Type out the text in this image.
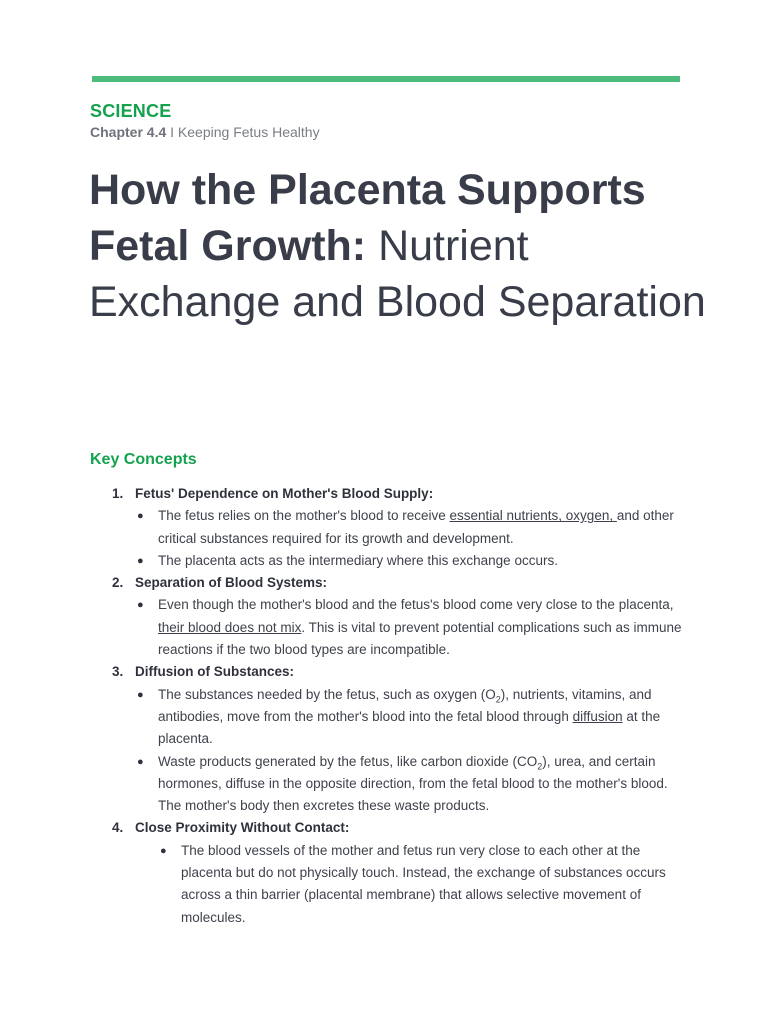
SCIENCE
Chapter 4.4 I Keeping Fetus Healthy
How the Placenta Supports Fetal Growth: Nutrient Exchange and Blood Separation
Key Concepts
1. Fetus' Dependence on Mother's Blood Supply:
● The fetus relies on the mother's blood to receive essential nutrients, oxygen, and other critical substances required for its growth and development.
● The placenta acts as the intermediary where this exchange occurs.
2. Separation of Blood Systems:
● Even though the mother's blood and the fetus's blood come very close to the placenta, their blood does not mix. This is vital to prevent potential complications such as immune reactions if the two blood types are incompatible.
3. Diffusion of Substances:
● The substances needed by the fetus, such as oxygen $(O_2)$, nutrients, vitamins, and antibodies, move from the mother's blood into the fetal blood through diffusion at the placenta.
● Waste products generated by the fetus, like carbon dioxide $(CO_2)$, urea, and certain hormones, diffuse in the opposite direction, from the fetal blood to the mother's blood. The mother's body then excretes these waste products.
4. Close Proximity Without Contact:
● The blood vessels of the mother and fetus run very close to each other at the placenta but do not physically touch. Instead, the exchange of substances occurs across a thin barrier (placental membrane) that allows selective movement of molecules.
